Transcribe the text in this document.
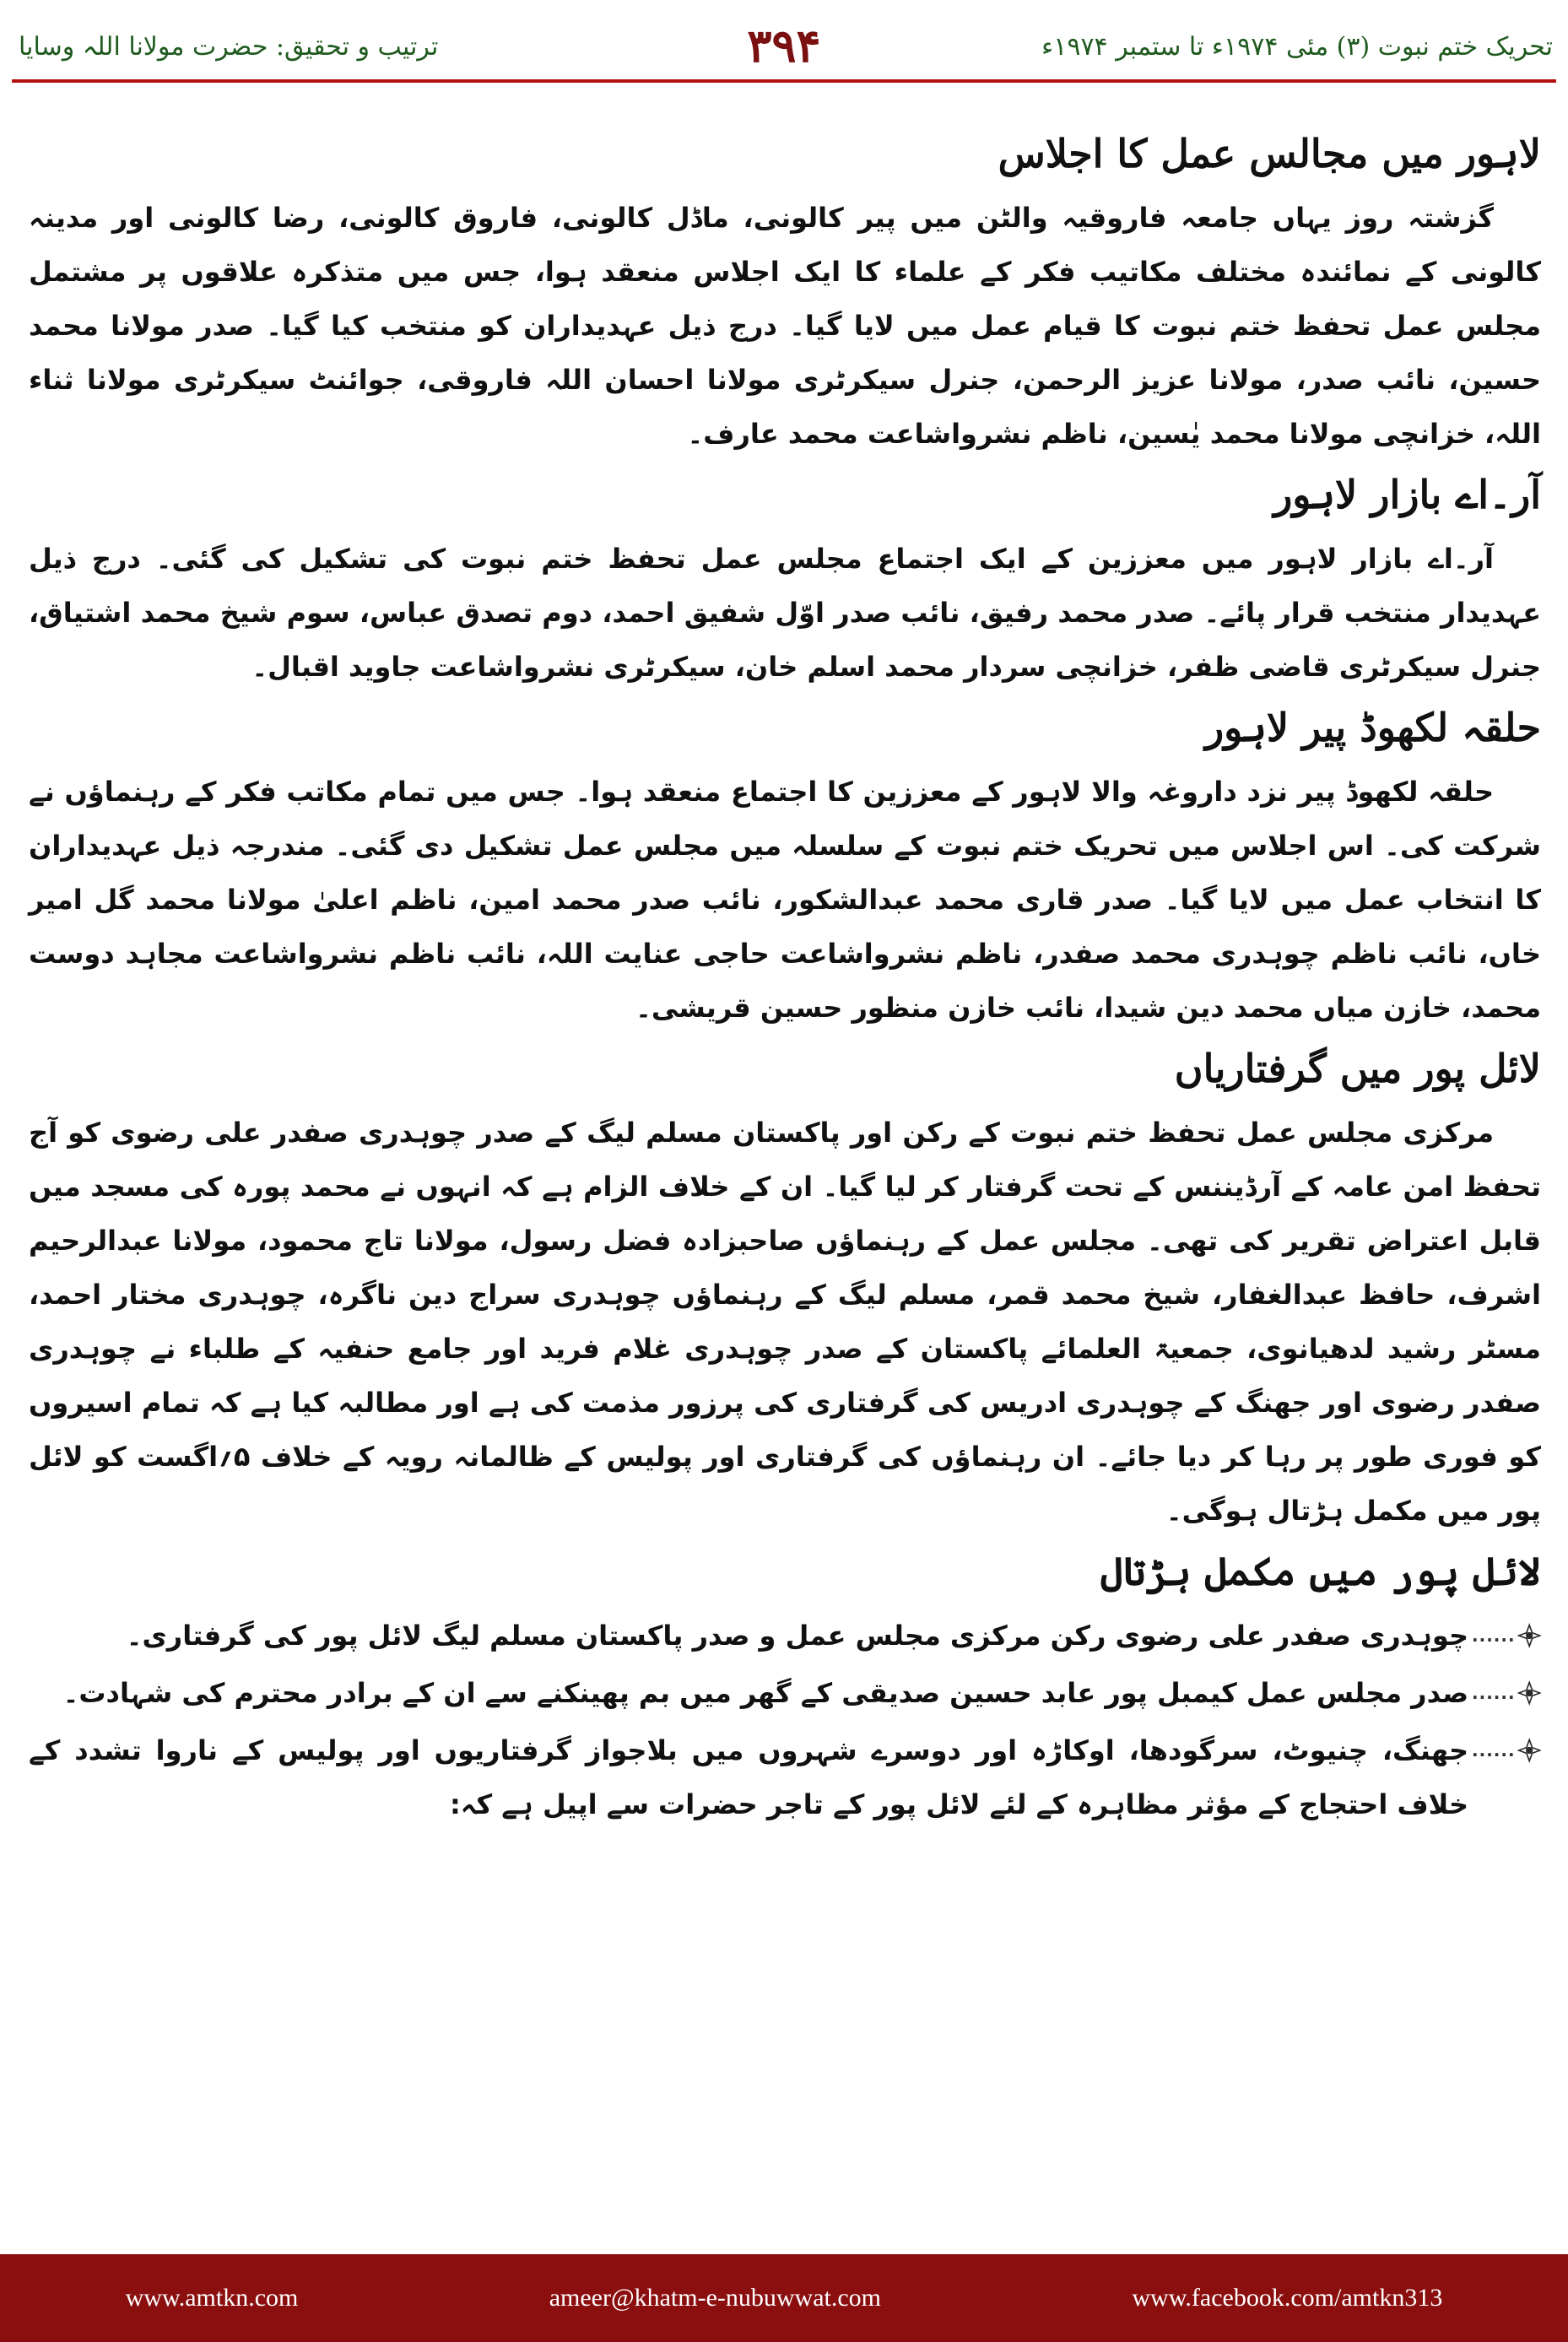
تحریک ختم نبوت (۳) مئی ۱۹۷۴ء تا ستمبر ۱۹۷۴ء
۳۹۴
ترتیب و تحقیق: حضرت مولانا اللہ وسایا
لاہور میں مجالس عمل کا اجلاس

گزشتہ روز یہاں جامعہ فاروقیہ والٹن میں پیر کالونی، ماڈل کالونی، فاروق کالونی، رضا کالونی اور مدینہ کالونی کے نمائندہ مختلف مکاتیب فکر کے علماء کا ایک اجلاس منعقد ہوا، جس میں متذکرہ علاقوں پر مشتمل مجلس عمل تحفظ ختم نبوت کا قیام عمل میں لایا گیا۔ درج ذیل عہدیداران کو منتخب کیا گیا۔ صدر مولانا محمد حسین، نائب صدر، مولانا عزیز الرحمن، جنرل سیکرٹری مولانا احسان اللہ فاروقی، جوائنٹ سیکرٹری مولانا ثناء اللہ، خزانچی مولانا محمد یٰسین، ناظم نشرواشاعت محمد عارف۔

آر۔اے بازار لاہور

آر۔اے بازار لاہور میں معززین کے ایک اجتماع مجلس عمل تحفظ ختم نبوت کی تشکیل کی گئی۔ درج ذیل عہدیدار منتخب قرار پائے۔ صدر محمد رفیق، نائب صدر اوّل شفیق احمد، دوم تصدق عباس، سوم شیخ محمد اشتیاق، جنرل سیکرٹری قاضی ظفر، خزانچی سردار محمد اسلم خان، سیکرٹری نشرواشاعت جاوید اقبال۔

حلقہ لکھوڈ پیر لاہور

حلقہ لکھوڈ پیر نزد داروغہ والا لاہور کے معززین کا اجتماع منعقد ہوا۔ جس میں تمام مکاتب فکر کے رہنماؤں نے شرکت کی۔ اس اجلاس میں تحریک ختم نبوت کے سلسلہ میں مجلس عمل تشکیل دی گئی۔ مندرجہ ذیل عہدیداران کا انتخاب عمل میں لایا گیا۔ صدر قاری محمد عبدالشکور، نائب صدر محمد امین، ناظم اعلیٰ مولانا محمد گل امیر خاں، نائب ناظم چوہدری محمد صفدر، ناظم نشرواشاعت حاجی عنایت اللہ، نائب ناظم نشرواشاعت مجاہد دوست محمد، خازن میاں محمد دین شیدا، نائب خازن منظور حسین قریشی۔

لائل پور میں گرفتاریاں

مرکزی مجلس عمل تحفظ ختم نبوت کے رکن اور پاکستان مسلم لیگ کے صدر چوہدری صفدر علی رضوی کو آج تحفظ امن عامہ کے آرڈیننس کے تحت گرفتار کر لیا گیا۔ ان کے خلاف الزام ہے کہ انہوں نے محمد پورہ کی مسجد میں قابل اعتراض تقریر کی تھی۔ مجلس عمل کے رہنماؤں صاحبزادہ فضل رسول، مولانا تاج محمود، مولانا عبدالرحیم اشرف، حافظ عبدالغفار، شیخ محمد قمر، مسلم لیگ کے رہنماؤں چوہدری سراج دین ناگرہ، چوہدری مختار احمد، مسٹر رشید لدھیانوی، جمعیۃ العلمائے پاکستان کے صدر چوہدری غلام فرید اور جامع حنفیہ کے طلباء نے چوہدری صفدر رضوی اور جھنگ کے چوہدری ادریس کی گرفتاری کی پرزور مذمت کی ہے اور مطالبہ کیا ہے کہ تمام اسیروں کو فوری طور پر رہا کر دیا جائے۔ ان رہنماؤں کی گرفتاری اور پولیس کے ظالمانہ رویہ کے خلاف ۵؍اگست کو لائل پور میں مکمل ہڑتال ہوگی۔

لائل پور میں مکمل ہڑتال
......
چوہدری صفدر علی رضوی رکن مرکزی مجلس عمل و صدر پاکستان مسلم لیگ لائل پور کی گرفتاری۔
......
صدر مجلس عمل کیمبل پور عابد حسین صدیقی کے گھر میں بم پھینکنے سے ان کے برادر محترم کی شہادت۔
......
جھنگ، چنیوٹ، سرگودھا، اوکاڑہ اور دوسرے شہروں میں بلاجواز گرفتاریوں اور پولیس کے ناروا تشدد کے خلاف احتجاج کے مؤثر مظاہرہ کے لئے لائل پور کے تاجر حضرات سے اپیل ہے کہ:
www.amtkn.com	ameer@khatm-e-nubuwwat.com	www.facebook.com/amtkn313
